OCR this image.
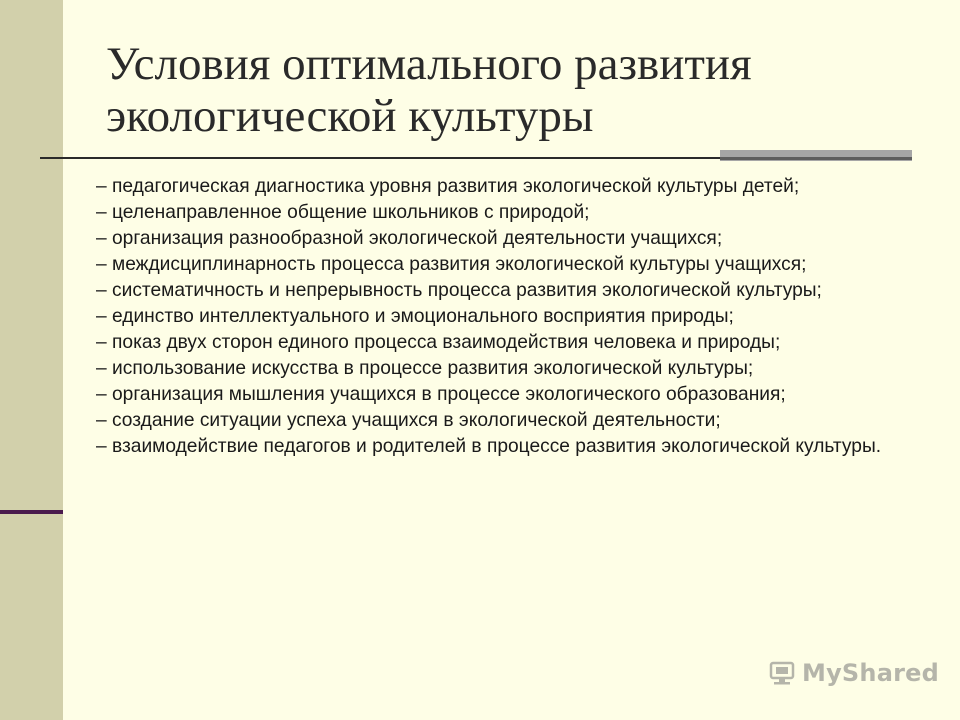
Условия оптимального развития
экологической культуры
– педагогическая диагностика уровня развития экологической культуры детей;
– целенаправленное общение школьников с природой;
– организация разнообразной экологической деятельности учащихся;
– междисциплинарность процесса развития экологической культуры учащихся;
– систематичность и непрерывность процесса развития экологической культуры;
– единство интеллектуального и эмоционального восприятия природы;
– показ двух сторон единого процесса взаимодействия человека и природы;
– использование искусства в процессе развития экологической культуры;
– организация мышления учащихся в процессе экологического образования;
– создание ситуации успеха учащихся в экологической деятельности;
– взаимодействие педагогов и родителей в процессе развития экологической культуры.
MyShared
